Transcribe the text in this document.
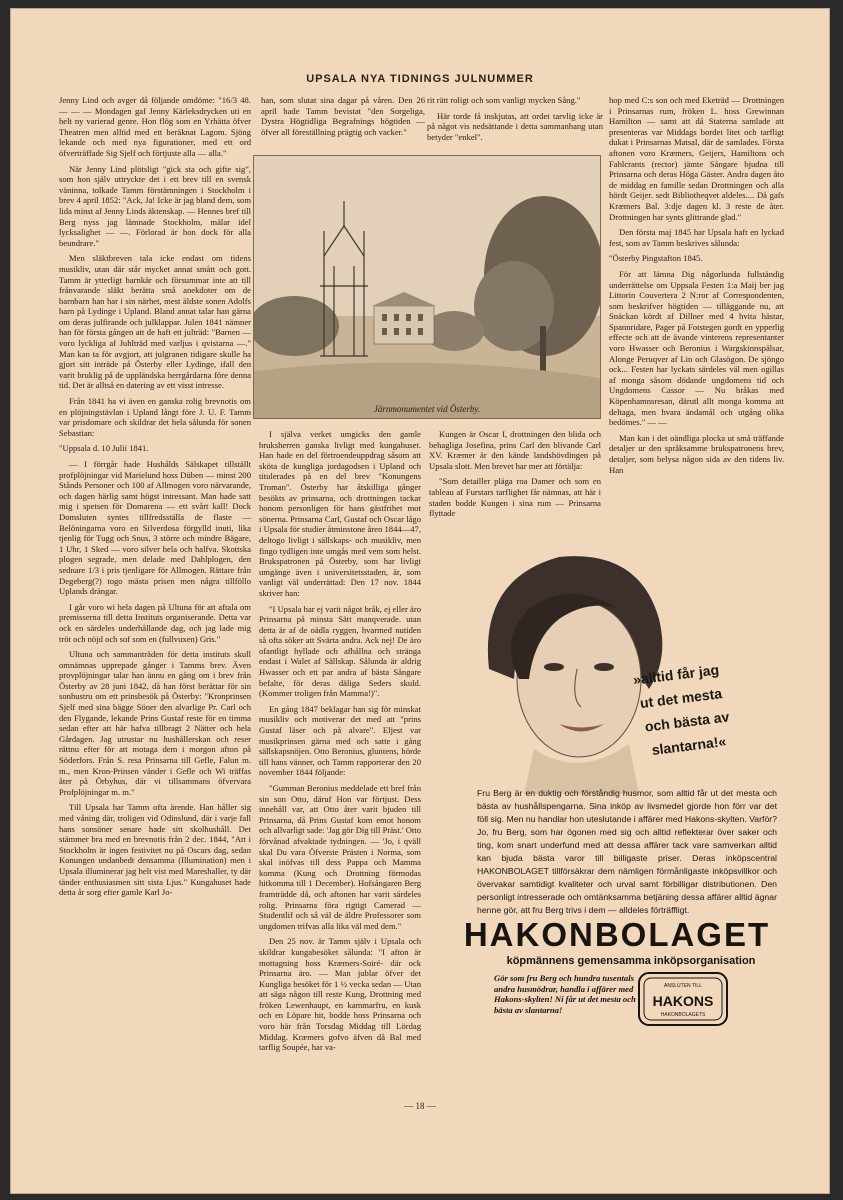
UPSALA NYA TIDNINGS JULNUMMER

Jenny Lind och avger då följande omdöme: "16/3 48. — — — Mondagen gaf Jenny Kärleksdrycken uti en helt ny varierad genre. Hon flög som en Yrhätta öfver Theatren men alltid med ett beräknat Lagom. Sjöng lekande och med nya figurationer, med ett ord öfverträffade Sig Sjelf och förtjuste alla — alla."

När Jenny Lind plötsligt "gick sta och gifte sig", som hon själv uttryckte det i ett brev till en svensk väninna, tolkade Tamm förstämningen i Stockholm i brev 4 april 1852: "Ack, Ja! Icke är jag bland dem, som lida minst af Jenny Linds äktenskap. — Hennes bref till Berg nyss jag lämnade Stockholm, mälar idel lycksalighet — —. Förlorad är hon dock för alla beundrare."

Men släktbreven tala icke endast om tidens musikliv, utan där står mycket annat smått och gott. Tamm är ytterligt barnkär och försummar inte att till frånvarande släkt berätta små anekdoter om de barnbarn han har i sin närhet, mest äldste sonen Adolfs barn på Lydinge i Upland. Bland annat talar han gärna om deras julfirande och julklappar. Julen 1841 nämner han för första gången att de haft ett julträd: "Barnen — voro lyckliga af Juhlträd med varljus i qvistarna —." Man kan ta för avgjort, att julgranen tidigare skulle ha gjort sitt inträde på Österby eller Lydinge, ifall den varit bruklig på de uppländska herrgårdarna före denna tid. Det är alltså en datering av ett visst intresse.

Från 1841 ha vi även en ganska rolig brevnotis om en plöjningstävlan i Upland långt före J. U. F. Tamm var prisdomare och skildrar det hela sålunda för sonen Sebastian:

"Uppsala d. 10 Julii 1841.

— I förrgår hade Hushålds Sälskapet tillställt profplöjningar vid Marielund hoss Düben — minst 200 Stånds Personer och 100 af Allmogen voro närvarande, och dagen härlig samt högst intressant. Man hade satt mig i spetsen för Domarena — ett svårt kall! Dock Domsluten syntes tillfredsställa de flaste — Belöningarna voro en Silverdosa förgylld inuti, lika tjenlig för Tugg och Snus, 3 större och mindre Bägare, 1 Uhr, 1 Sked — voro silver hela och halfva. Skottska plogen segrade, men delade med Dahlplogen, den sednare 1/3 i pris tjenligare för Allmogen. Rättare från Degeberg(?) togo mästa prisen men några tillföllo Uplands drängar.

I går voro wi hela dagen på Ultuna för att aftala om premisserna till detta Instituts organiserande. Detta var ock en särdeles underhållande dag, och jag lade mig tröt och nöjd och sof som en (fullvuxen) Gris."

Ultuna och sammanträden för detta instituts skull omnämnas upprepade gånger i Tamms brev. Även provplöjningar talar han ännu en gång om i brev från Österby av 28 juni 1842, då han först berättar för sin sonhustru om ett prinsbesök på Österby: "Kronprinsen Sjelf med sina bägge Söner den alvarlige Pr. Carl och den Flygande, lekande Prins Gustaf reste för en timma sedan efter att här hafva tillbragt 2 Nätter och hela Gårdagen. Jag utrustar nu hushållerskan och reser rättnu efter för att motaga dem i morgon afton på Söderfors. Från S. resa Prinsarna till Gefle, Falun m. m., men Kron-Prinsen vänder i Gefle och Wi träffas åter på Örbyhus, där vi tillsammans öfvervara Profplöjningar m. m."

Till Upsala har Tamm ofta ärende. Han håller sig med våning där, troligen vid Odinslund, där i varje fall hans sonsöner senare hade sitt skolhushåll. Det stämmer bra med en brevnotis från 2 dec. 1844, "Att i Stockholm är ingen festivitet nu på Oscars dag, sedan Konungen undanbedt densamma (Illumination) men i Upsala illuminerar jag helt vist med Mareshaller, ty där tänder enthusiasmen sitt sista Ljus." Kungahuset hade detta år sorg efter gamle Karl Jo-

han, som slutat sina dagar på våren. Den 26 april hade Tamm bevistat "den Sorgeliga, Dystra Högtidliga Begrafnings högtiden — öfver all föreställning prägtig och vacker."

rit rätt roligt och som vanligt mycken Sång."

Här torde få inskjutas, att ordet tarvlig icke är på något vis nedsättande i detta sammanhang utan betyder "enkel".

hop med C:s son och med Eketräd — Drottningen i Prinsarnas rum, fröken L. hoss Grewinnan Hamilton — samt att då Staterna samlade att presenteras var Middags bordet litet och tarfligt dukat i Prinsarnas Matsal, där de samlades. Första aftonen voro Kræmers, Geijers, Hamiltons och Fahlcrants (rector) jämte Sångare bjudna till Prinsarna och deras Höga Gäster. Andra dagen åto de middag en famille sedan Drottningen och alla hördt Geijer. sedt Bibliotheqvet aldeles.... Då gafs Kræmers Bal. 3:dje dagen kl. 3 reste de åter. Drottningen har synts glittrande glad."

Den första maj 1845 har Upsala haft en lyckad fest, som av Tamm beskrives sålunda:

"Österby Pingstafton 1845.

För att lämna Dig någorlunda fullständig underrättelse om Uppsala Festen 1:a Maij ber jag Littorin Couvertera 2 N:ror af Correspondenten, som beskrifver högtiden — tilläggande nu, att Snäckan kördt af Dillner med 4 hvita hästar, Spannridare, Pager på Fotstegen gordt en ypperlig effecte och att de ävande vinterens representanter voro Hwasser och Beronius i Wargskinnspälsar, Alonge Peruqver af Lin och Glasögon. De sjöngo ock... Festen har lyckats särdeles väl men ogillas af monga såsom dödande ungdomens tid och Ungdomens Cassor — Nu bråkas med Köpenhamnsresan, därutl allt monga komma att deltaga, men hvara ändamål och utgång olika bedömes." — —

Man kan i det oändliga plocka ut små träffande detaljer ur den språksamme brukspatronens brev, detaljer, som belysa någon sida av den tidens liv. Han

Järnmonumentet vid Österby.

I själva verket umgicks den gamle bruksherren ganska livligt med kungahuset. Han hade en del förtroendeuppdrag såsom att sköta de kungliga jordagodsen i Upland och titulerades på en del brev "Konungens Troman". Österby har åtskilliga gånger besökts av prinsarna, och drottningen tackar honom personligen för hans gästfrihet mot sönerna. Prinsarna Carl, Gustaf och Oscar lågo i Upsala för studier åtminstone åren 1844—47, deltogo livligt i sällskaps- och musikliv, men fingo tydligen inte umgås med vem som helst. Brukspatronen på Österby, som har livligt umgänge även i universitetsstaden, är, som vanligt väl underrättad: Den 17 nov. 1844 skriver han:

"I Upsala har ej varit något bråk, ej eller äro Prinsarna på minsta Sätt manqverade. utan detta är af de oädla ryggen, hvarmed nutiden så ofta söker att Svärta andra. Ack nej! De äro ofantligt hyllade och afhållna och stränga endast i Walet af Sällskap. Sålunda är aldrig Hwasser och ett par andra af bästa Sångare befalte, för deras däliga Seders skuld. (Kommer troligen från Mamma!)".

En gång 1847 beklagar han sig för minskat musikliv och motiverar det med att "prins Gustaf läser och på alvare". Eljest var musikprinsen gärna med och satte i gång sällskapsnöjen. Otto Beronius, gluntens, hörde till hans vänner, och Tamm rapporterar den 20 november 1844 följande:

"Gumman Beronius meddelade ett bref från sin son Otto, däruf Hon var förtjust. Dess innehåll var, att Otto åter varit bjuden till Prinsarna, då Prins Gustaf kom emot honom och allvarligt sade: 'Jag gör Dig till Präst.' Otto förvånad afvaktade tydningen. — 'Jo, i qväll skal Du vara Öfverste Prästen i Norma, som skal inöfvas till dess Pappa och Mamma komma (Kung och Drottning förmodas hitkomma till 1 December). Hofsångaren Berg framträdde då, och aftonen har varit särdeles rolig. Prinsarna föra rigtigt Camerad — Studentlif och så väl de äldre Professorer som ungdomen trifvas alla lika väl med dem."

Den 25 nov. är Tamm själv i Upsala och skildrar kungabesöket sålunda: "I afton är mottagning hoss Kræmers-Soiré- där ock Prinsarna äro. — Man jublar öfver det Kungliga besöket för 1 ½ vecka sedan — Utan att säga någon till reste Kung, Drottning med fröken Lewenhaupt, en kammarfru, en kusk och en Löpare hit, bodde hoss Prinsarna och voro här från Torsdag Middag till Lördag Middag. Kræmers gofvo äfven då Bal med tarflig Soupée, har va-

Kungen är Oscar I, drottningen den blida och behagliga Josefina, prins Carl den blivande Carl XV. Kræmer är den kände landshövdingen på Upsala slott. Men brevet har mer att förtälja:

"Som detailler pläga roa Damer och som en tableau af Furstars tarflighet får nämnas, att här i staden bodde Kungen i sina rum — Prinsarna flyttade

»alltid får jag
ut det mesta
och bästa av
slantarna!«
Fru Berg är en duktig och förståndig husmor, som alltid får ut det mesta och bästa av hushållspengarna. Sina inköp av livsmedel gjorde hon förr var det föll sig. Men nu handlar hon uteslutande i affärer med Hakons-skylten. Varför? Jo, fru Berg, som har ögonen med sig och alltid reflekterar över saker och ting, kom snart underfund med att dessa affärer tack vare samverkan alltid kan bjuda bästa varor till billigaste priser. Deras inköpscentral HAKONBOLAGET tillförsäkrar dem nämligen förmånligaste inköpsvillkor och övervakar samtidigt kvaliteter och urval samt förbilligar distributionen. Den personligt intresserade och omtänksamma betjäning dessa affärer alltid ägnar henne gör, att fru Berg trivs i dem — alldeles förträffligt.
HAKONBOLAGET
köpmännens gemensamma inköpsorganisation
Gör som fru Berg och hundra tusentals andra husmödrar, handla i affärer med Hakons-skylten! Ni får ut det mesta och bästa av slantarna!
ANSLUTEN TILL
HAKONS
HAKONBOLAGETS
— 18 —
